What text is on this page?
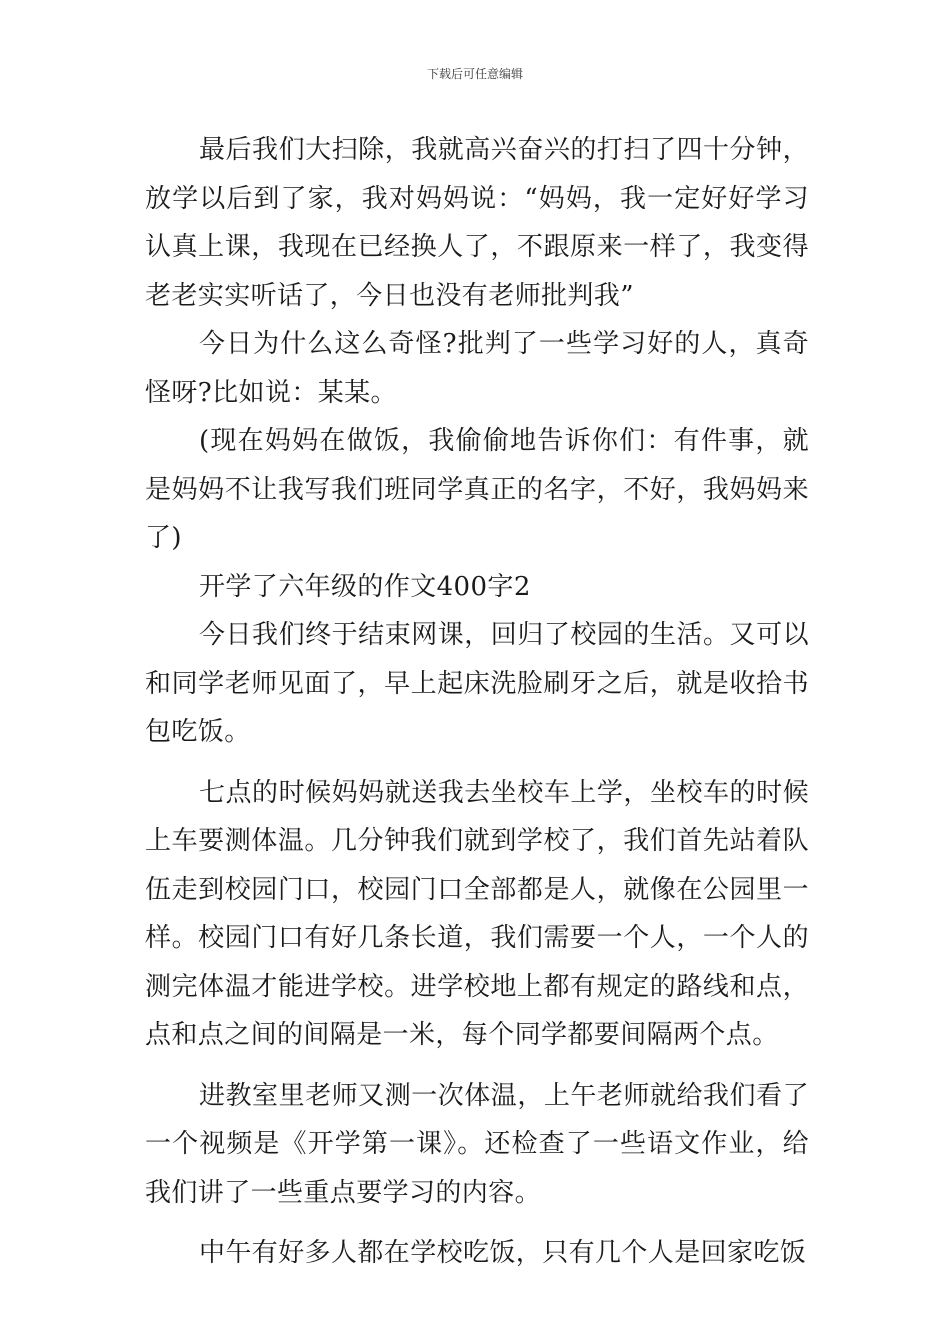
下载后可任意编辑

最后我们大扫除，我就高兴奋兴的打扫了四十分钟，放学以后到了家，我对妈妈说：“妈妈，我一定好好学习认真上课，我现在已经换人了，不跟原来一样了，我变得老老实实听话了，今日也没有老师批判我”

今日为什么这么奇怪?批判了一些学习好的人，真奇怪呀?比如说：某某。

(现在妈妈在做饭，我偷偷地告诉你们：有件事，就是妈妈不让我写我们班同学真正的名字，不好，我妈妈来了)

开学了六年级的作文400字2

今日我们终于结束网课，回归了校园的生活。又可以和同学老师见面了，早上起床洗脸刷牙之后，就是收拾书包吃饭。

七点的时候妈妈就送我去坐校车上学，坐校车的时候上车要测体温。几分钟我们就到学校了，我们首先站着队伍走到校园门口，校园门口全部都是人，就像在公园里一样。校园门口有好几条长道，我们需要一个人，一个人的测完体温才能进学校。进学校地上都有规定的路线和点，点和点之间的间隔是一米，每个同学都要间隔两个点。

进教室里老师又测一次体温，上午老师就给我们看了一个视频是《开学第一课》。还检查了一些语文作业，给我们讲了一些重点要学习的内容。

中午有好多人都在学校吃饭，只有几个人是回家吃饭
